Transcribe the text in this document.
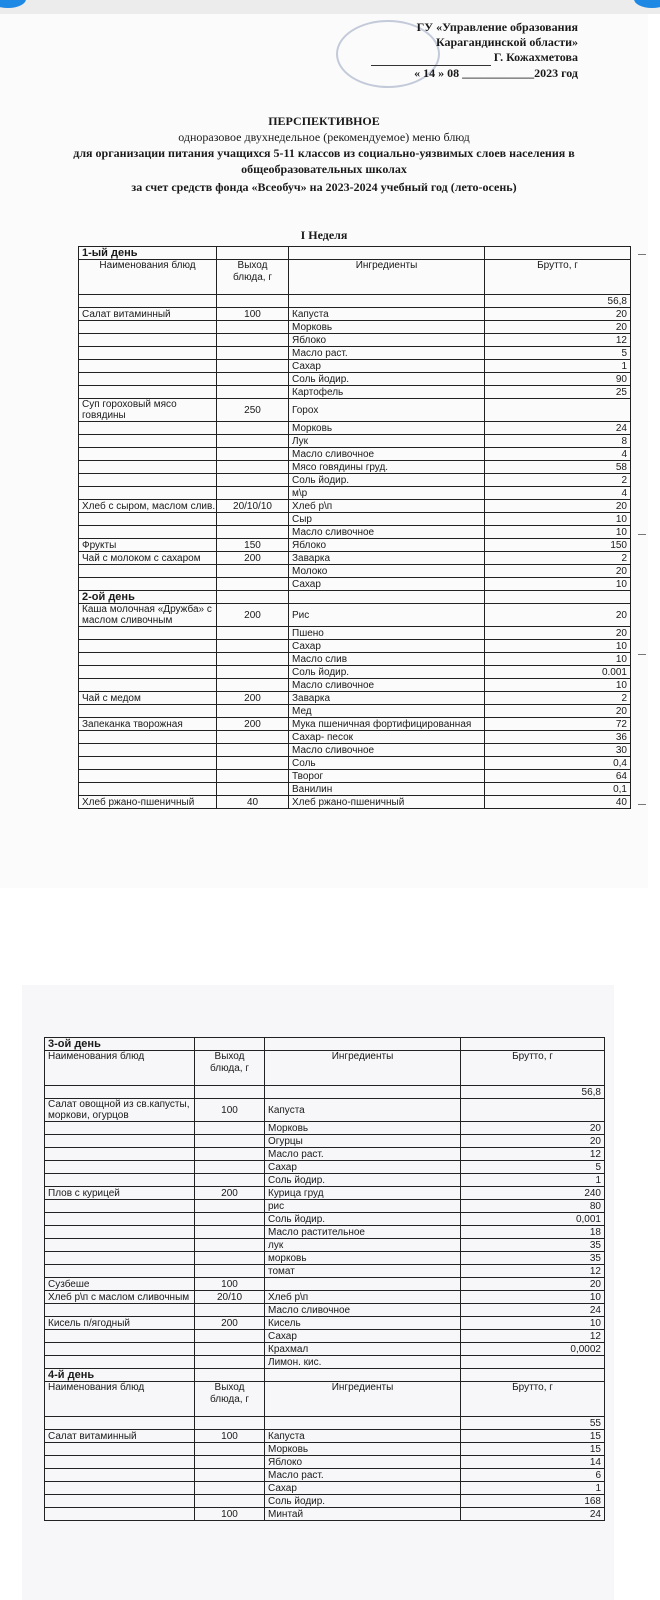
ГУ «Управление образования
Карагандинской области»
Г. Кожахметова
« 14 » 08 ____________2023 год
ПЕРСПЕКТИВНОЕ
одноразовое двухнедельное (рекомендуемое) меню блюд
для организации питания учащихся 5-11 классов из социально-уязвимых слоев населения в
общеобразовательных школах
за счет средств фонда «Всеобуч» на 2023-2024 учебный год (лето-осень)
I Неделя
1-ый день			
Наименования блюд	Выход блюда, г	Ингредиенты	Брутто, г
			56,8
Салат витаминный	100	Капуста	20
		Морковь	20
		Яблоко	12
		Масло раст.	5
		Сахар	1
		Соль йодир.	90
		Картофель	25
Суп гороховый мясо говядины	250	Горох	
		Морковь	24
		Лук	8
		Масло сливочное	4
		Мясо говядины груд.	58
		Соль йодир.	2
		м\р	4
Хлеб с сыром, маслом слив.	20/10/10	Хлеб р\п	20
		Сыр	10
		Масло сливочное	10
Фрукты	150	Яблоко	150
Чай с молоком с сахаром	200	Заварка	2
		Молоко	20
		Сахар	10
2-ой день			
Каша молочная «Дружба» с маслом сливочным	200	Рис	20
		Пшено	20
		Сахар	10
		Масло слив	10
		Соль йодир.	0.001
		Масло сливочное	10
Чай с медом	200	Заварка	2
		Мед	20
Запеканка творожная	200	Мука пшеничная фортифицированная	72
		Сахар- песок	36
		Масло сливочное	30
		Соль	0,4
		Творог	64
		Ванилин	0,1
Хлеб ржано-пшеничный	40	Хлеб ржано-пшеничный	40
3-ой день			
Наименования блюд	Выход блюда, г	Ингредиенты	Брутто, г
			56,8
Салат овощной из св.капусты, моркови, огурцов	100	Капуста	
		Морковь	20
		Огурцы	20
		Масло раст.	12
		Сахар	5
		Соль йодир.	1
Плов с курицей	200	Курица груд	240
		рис	80
		Соль йодир.	0,001
		Масло растительное	18
		лук	35
		морковь	35
		томат	12
Сузбеше	100		20
Хлеб р\п с маслом сливочным	20/10	Хлеб р\п	10
		Масло сливочное	24
Кисель п/ягодный	200	Кисель	10
		Сахар	12
		Крахмал	0,0002
		Лимон. кис.	
4-й день			
Наименования блюд	Выход блюда, г	Ингредиенты	Брутто, г
			55
Салат витаминный	100	Капуста	15
		Морковь	15
		Яблоко	14
		Масло раст.	6
		Сахар	1
		Соль йодир.	168
	100	Минтай	24
